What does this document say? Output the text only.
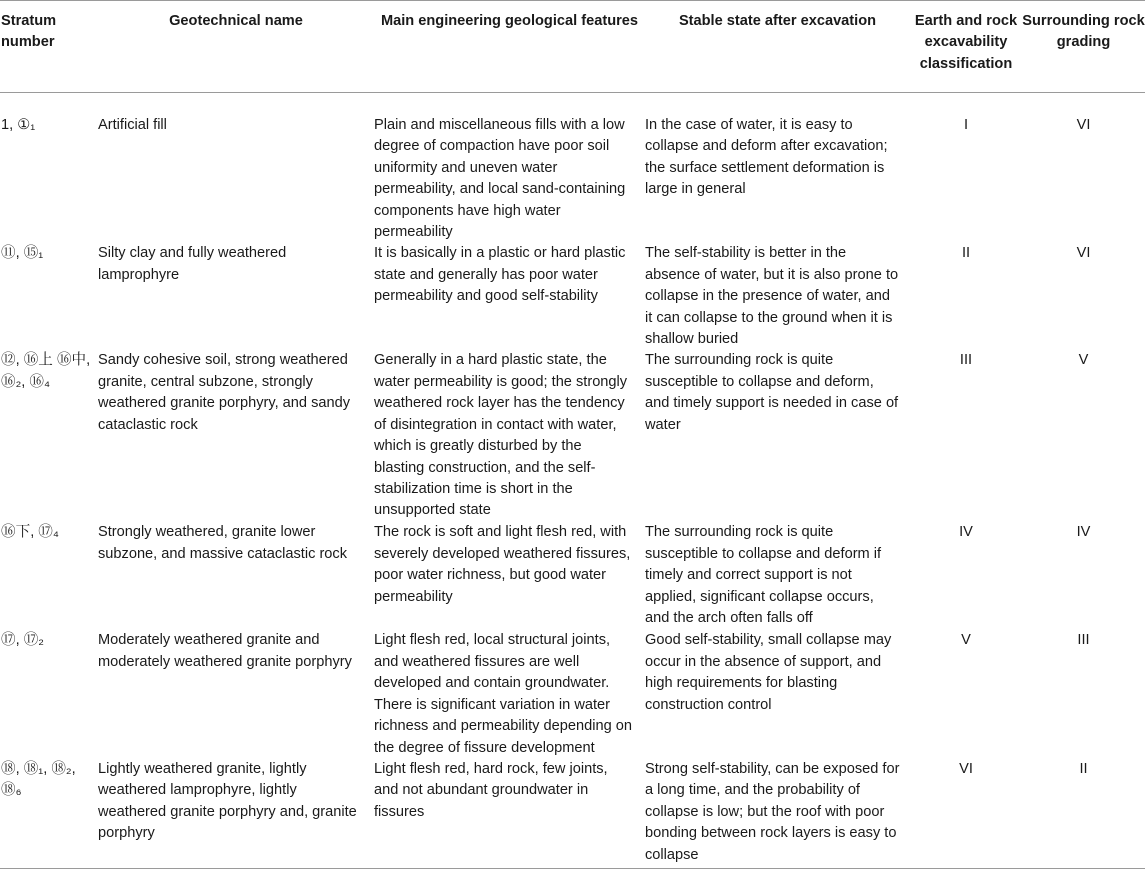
Stratum number	Geotechnical name	Main engineering geological features	Stable state after excavation	Earth and rock excavability classification	Surrounding rock grading
1, ①₁	Artificial fill	Plain and miscellaneous fills with a low degree of compaction have poor soil uniformity and uneven water permeability, and local sand-containing components have high water permeability	In the case of water, it is easy to collapse and deform after excavation; the surface settlement deformation is large in general	I	VI
⑪, ⑮₁	Silty clay and fully weathered lamprophyre	It is basically in a plastic or hard plastic state and generally has poor water permeability and good self-stability	The self-stability is better in the absence of water, but it is also prone to collapse in the presence of water, and it can collapse to the ground when it is shallow buried	II	VI
⑫, ⑯上 ⑯中, ⑯₂, ⑯₄	Sandy cohesive soil, strong weathered granite, central subzone, strongly weathered granite porphyry, and sandy cataclastic rock	Generally in a hard plastic state, the water permeability is good; the strongly weathered rock layer has the tendency of disintegration in contact with water, which is greatly disturbed by the blasting construction, and the self-stabilization time is short in the unsupported state	The surrounding rock is quite susceptible to collapse and deform, and timely support is needed in case of water	III	V
⑯下, ⑰₄	Strongly weathered, granite lower subzone, and massive cataclastic rock	The rock is soft and light flesh red, with severely developed weathered fissures, poor water richness, but good water permeability	The surrounding rock is quite susceptible to collapse and deform if timely and correct support is not applied, significant collapse occurs, and the arch often falls off	IV	IV
⑰, ⑰₂	Moderately weathered granite and moderately weathered granite porphyry	Light flesh red, local structural joints, and weathered fissures are well developed and contain groundwater. There is significant variation in water richness and permeability depending on the degree of fissure development	Good self-stability, small collapse may occur in the absence of support, and high requirements for blasting construction control	V	III
⑱, ⑱₁, ⑱₂, ⑱₆	Lightly weathered granite, lightly weathered lamprophyre, lightly weathered granite porphyry and, granite porphyry	Light flesh red, hard rock, few joints, and not abundant groundwater in fissures	Strong self-stability, can be exposed for a long time, and the probability of collapse is low; but the roof with poor bonding between rock layers is easy to collapse	VI	II
